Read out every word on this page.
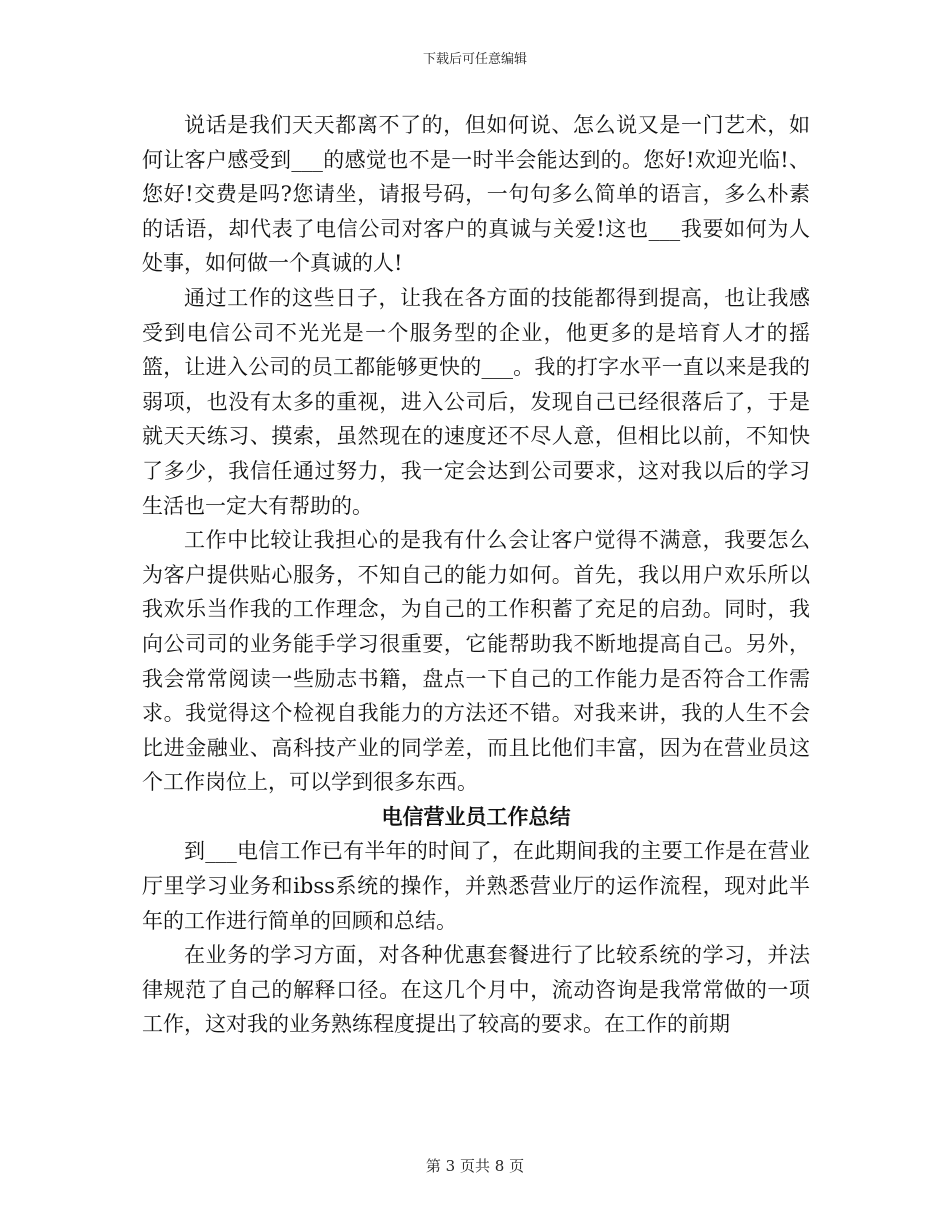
下载后可任意编辑

说话是我们天天都离不了的，但如何说、怎么说又是一门艺术，如何让客户感受到___的感觉也不是一时半会能达到的。您好!欢迎光临!、您好!交费是吗?您请坐，请报号码，一句句多么简单的语言，多么朴素的话语，却代表了电信公司对客户的真诚与关爱!这也___我要如何为人处事，如何做一个真诚的人!

通过工作的这些日子，让我在各方面的技能都得到提高，也让我感受到电信公司不光光是一个服务型的企业，他更多的是培育人才的摇篮，让进入公司的员工都能够更快的___。我的打字水平一直以来是我的弱项，也没有太多的重视，进入公司后，发现自己已经很落后了，于是就天天练习、摸索，虽然现在的速度还不尽人意，但相比以前，不知快了多少，我信任通过努力，我一定会达到公司要求，这对我以后的学习生活也一定大有帮助的。

工作中比较让我担心的是我有什么会让客户觉得不满意，我要怎么为客户提供贴心服务，不知自己的能力如何。首先，我以用户欢乐所以我欢乐当作我的工作理念，为自己的工作积蓄了充足的启劲。同时，我向公司司的业务能手学习很重要，它能帮助我不断地提高自己。另外，我会常常阅读一些励志书籍，盘点一下自己的工作能力是否符合工作需求。我觉得这个检视自我能力的方法还不错。对我来讲，我的人生不会比进金融业、高科技产业的同学差，而且比他们丰富，因为在营业员这个工作岗位上，可以学到很多东西。

电信营业员工作总结

到___电信工作已有半年的时间了，在此期间我的主要工作是在营业厅里学习业务和ibss系统的操作，并熟悉营业厅的运作流程，现对此半年的工作进行简单的回顾和总结。

在业务的学习方面，对各种优惠套餐进行了比较系统的学习，并法律规范了自己的解释口径。在这几个月中，流动咨询是我常常做的一项工作，这对我的业务熟练程度提出了较高的要求。在工作的前期

第 3 页共 8 页
